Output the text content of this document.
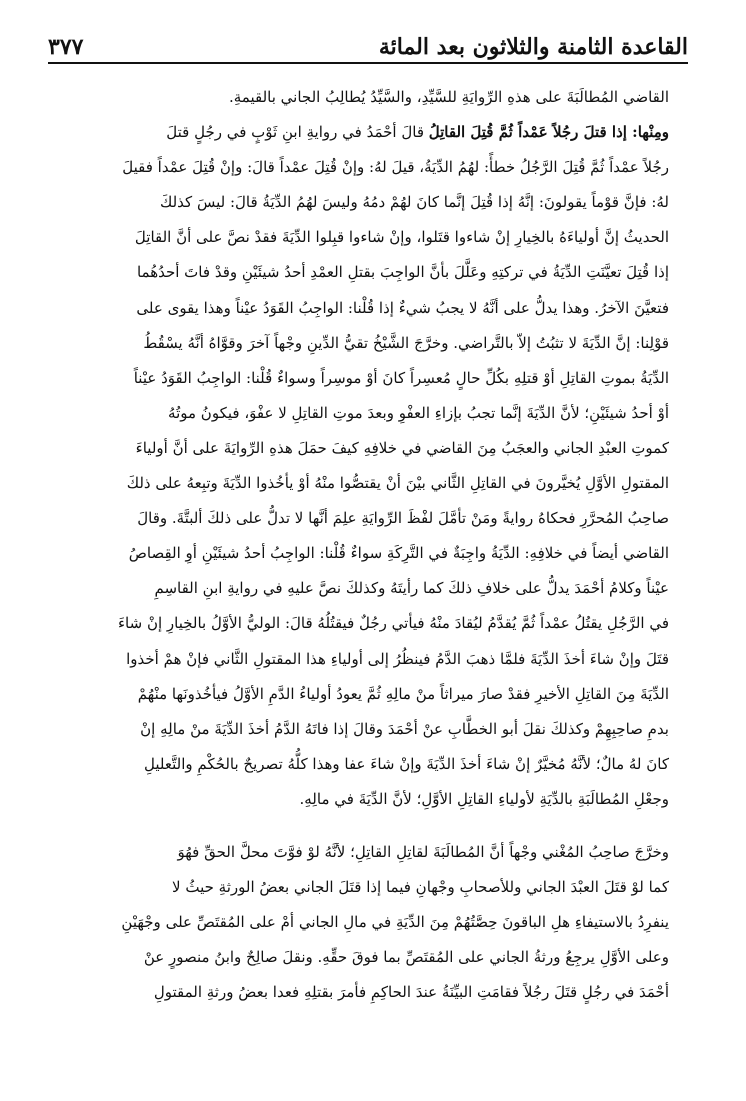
القاعدة الثامنة والثلاثون بعد المائة
٣٧٧
القاضي المُطالَبَةَ على هذهِ الرِّوايَةِ للسَّيِّدِ، والسَّيِّدُ يُطالِبُ الجاني بالقيمةِ.
ومِنْها: إذا قتلَ رجُلاً عَمْداً ثُمَّ قُتِلَ القاتِلُ قالَ أحْمَدُ في روايةِ ابنِ ثَوْبٍ في رجُلٍ قتلَ
رجُلاً عمْداً ثُمَّ قُتِلَ الرَّجُلُ خطأً: لهُمُ الدِّيَةُ، قيلَ لهُ: وإنْ قُتِلَ عمْداً قالَ: وإنْ قُتِلَ عمْداً فقيلَ
لهُ: فإنَّ قوْماً يقولونَ: إنَّهُ إذا قُتِلَ إنَّما كانَ لهُمْ دمُهُ وليسَ لهُمُ الدِّيَةُ قالَ: ليسَ كذلكَ
الحديثُ إنَّ أولياءَهُ بالخِيارِ إنْ شاءوا قتَلوا، وإنْ شاءوا قبِلوا الدِّيَةَ فقدْ نصَّ على أنَّ القاتِلَ
إذا قُتِلَ تعيَّنَتِ الدِّيَةُ في تركتِهِ وعَلَّلَ بأنَّ الواجِبَ بقتلِ العمْدِ أحدُ شيئَيْنِ وقدْ فاتَ أحدُهُما
فتعيَّنَ الآخرُ. وهذا يدلُّ على أنَّهُ لا يجبُ شيءٌ إذا قُلْنا: الواجِبُ القَوَدُ عيْناً وهذا يقوى على
قوْلِنا: إنَّ الدِّيَةَ لا تثبُتُ إلاّ بالتَّراضي. وخرَّجَ الشَّيْخُ تقيُّ الدِّينِ وجْهاً آخرَ وقوَّاهُ أنَّهُ يسْقُطُ
الدِّيَةُ بموتِ القاتِلِ أوْ قتلِهِ بكُلِّ حالٍ مُعسِراً كانَ أوْ موسِراً وسواءٌ قُلْنا: الواجِبُ القَوَدُ عيْناً
أوْ أحدُ شيئَيْنِ؛ لأنَّ الدِّيَةَ إنَّما تجبُ بإزاءِ العفْوِ وبعدَ موتِ القاتِلِ لا عفْوَ، فيكونُ موتُهُ
كموتِ العبْدِ الجاني والعجَبُ مِنَ القاضي في خلافِهِ كيفَ حمَلَ هذهِ الرِّوايَةَ على أنَّ أولياءَ
المقتولِ الأوَّلِ يُخيَّرونَ في القاتِلِ الثَّاني بيْنَ أنْ يقتصُّوا منْهُ أوْ يأخُذوا الدِّيَةَ وتبِعهُ على ذلكَ
صاحِبُ المُحرَّرِ فحكاهُ روايةً ومَنْ تأمَّلَ لفْظَ الرِّوايَةِ علِمَ أنَّها لا تدلُّ على ذلكَ ألبتَّةَ. وقالَ
القاضي أيضاً في خلافِهِ: الدِّيَةُ واجِبَةٌ في التَّرِكَةِ سواءٌ قُلْنا: الواجِبُ أحدُ شيئَيْنِ أوِ القِصاصُ
عيْناً وكلامُ أحْمَدَ يدلُّ على خلافِ ذلكَ كما رأيتَهُ وكذلكَ نصَّ عليهِ في روايةِ ابنِ القاسِمِ
في الرَّجُلِ يقتُلُ عمْداً ثُمَّ يُقدَّمُ ليُقادَ منْهُ فيأتي رجُلٌ فيقتُلُهُ قالَ: الوليُّ الأوَّلُ بالخِيارِ إنْ شاءَ
قتَلَ وإنْ شاءَ أخذَ الدِّيَةَ فلمَّا ذهبَ الدَّمُ فينظُرُ إلى أولياءِ هذا المقتولِ الثَّاني فإنْ همْ أخذوا
الدِّيَةَ مِنَ القاتِلِ الأخيرِ فقدْ صارَ ميراثاً منْ مالِهِ ثُمَّ يعودُ أولياءُ الدَّمِ الأوَّلُ فيأخُذونَها منْهُمْ
بدمِ صاحِبِهِمْ وكذلكَ نقلَ أبو الخطَّابِ عنْ أحْمَدَ وقالَ إذا فاتَهُ الدَّمُ أخذَ الدِّيَةَ منْ مالِهِ إنْ
كانَ لهُ مالٌ؛ لأنَّهُ مُخيَّرٌ إنْ شاءَ أخذَ الدِّيَةَ وإنْ شاءَ عفا وهذا كلُّهُ تصريحٌ بالحُكْمِ والتَّعليلِ
وجعْلِ المُطالَبَةِ بالدِّيَةِ لأولياءِ القاتِلِ الأوَّلِ؛ لأنَّ الدِّيَةَ في مالِهِ.
وخرَّجَ صاحِبُ المُغْني وجْهاً أنَّ المُطالَبَةَ لقاتِلِ القاتِلِ؛ لأنَّهُ لوْ فوَّتَ محلَّ الحقِّ فهُوَ
كما لوْ قتَلَ العبْدَ الجاني وللأصحابِ وجْهانِ فيما إذا قتَلَ الجاني بعضُ الورثةِ حيثُ لا
ينفرِدُ بالاستيفاءِ هلِ الباقونَ حِصَّتُهُمْ مِنَ الدِّيَةِ في مالِ الجاني أمْ على المُقتَصِّ على وجْهَيْنِ
وعلى الأوَّلِ يرجِعُ ورثةُ الجاني على المُقتَصِّ بما فوقَ حقِّهِ. ونقلَ صالِحٌ وابنُ منصورٍ عنْ
أحْمَدَ في رجُلٍ قتَلَ رجُلاً فقامَتِ البيِّنَةُ عندَ الحاكِمِ فأمرَ بقتلِهِ فعدا بعضُ ورثةِ المقتولِ
